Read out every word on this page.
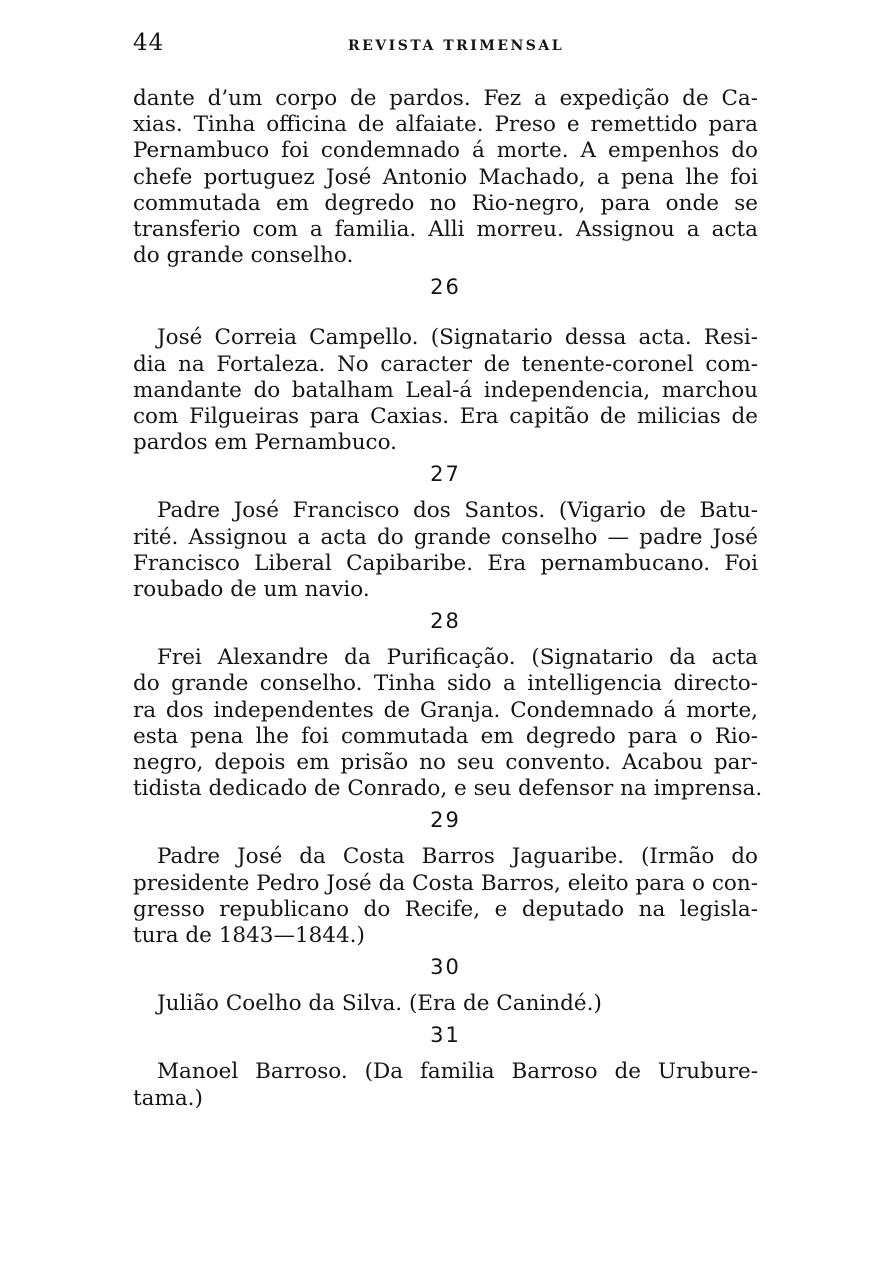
44	REVISTA TRIMENSAL
dante d’um corpo de pardos. Fez a expedição de Ca-
xias. Tinha officina de alfaiate. Preso e remettido para
Pernambuco foi condemnado á morte. A empenhos do
chefe portuguez José Antonio Machado, a pena lhe foi
commutada em degredo no Rio-negro, para onde se
transferio com a familia. Alli morreu. Assignou a acta
do grande conselho.
26
José Correia Campello. (Signatario dessa acta. Resi-
dia na Fortaleza. No caracter de tenente-coronel com-
mandante do batalham Leal-á independencia, marchou
com Filgueiras para Caxias. Era capitão de milicias de
pardos em Pernambuco.
27
Padre José Francisco dos Santos. (Vigario de Batu-
rité. Assignou a acta do grande conselho — padre José
Francisco Liberal Capibaribe. Era pernambucano. Foi
roubado de um navio.
28
Frei Alexandre da Purificação. (Signatario da acta
do grande conselho. Tinha sido a intelligencia directo-
ra dos independentes de Granja. Condemnado á morte,
esta pena lhe foi commutada em degredo para o Rio-
negro, depois em prisão no seu convento. Acabou par-
tidista dedicado de Conrado, e seu defensor na imprensa.
29
Padre José da Costa Barros Jaguaribe. (Irmão do
presidente Pedro José da Costa Barros, eleito para o con-
gresso republicano do Recife, e deputado na legisla-
tura de 1843—1844.)
30
Julião Coelho da Silva. (Era de Canindé.)
31
Manoel Barroso. (Da familia Barroso de Uruburе-
tama.)
